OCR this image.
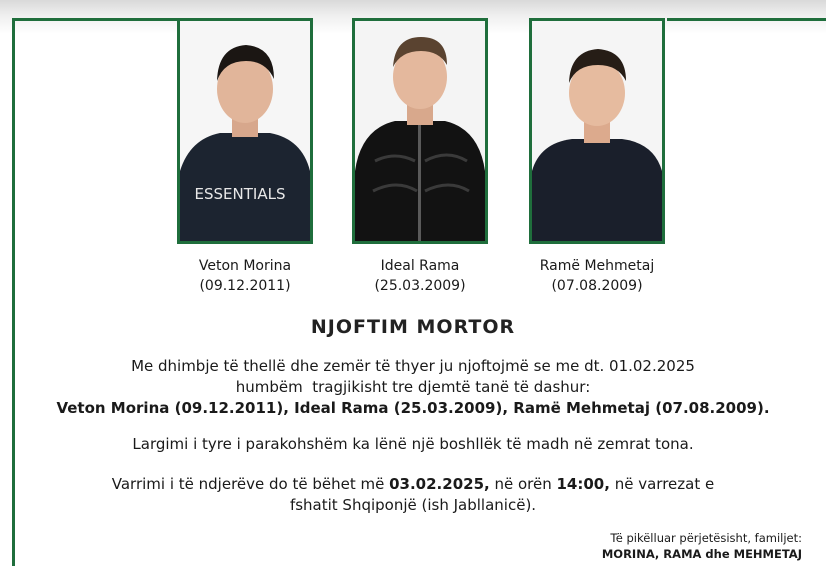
ESSENTIALS
Veton Morina
(09.12.2011)
Ideal Rama
(25.03.2009)
Ramë Mehmetaj
(07.08.2009)
NJOFTIM MORTOR
Me dhimbje të thellë dhe zemër të thyer ju njoftojmë se me dt. 01.02.2025
humbëm  tragjikisht tre djemtë tanë të dashur:
Veton Morina (09.12.2011), Ideal Rama (25.03.2009), Ramë Mehmetaj (07.08.2009).
Largimi i tyre i parakohshëm ka lënë një boshllëk të madh në zemrat tona.
Varrimi i të ndjerëve do të bëhet më 03.02.2025, në orën 14:00, në varrezat e
fshatit Shqiponjë (ish Jabllanicë).
Të pikëlluar përjetësisht, familjet:
MORINA, RAMA dhe MEHMETAJ
